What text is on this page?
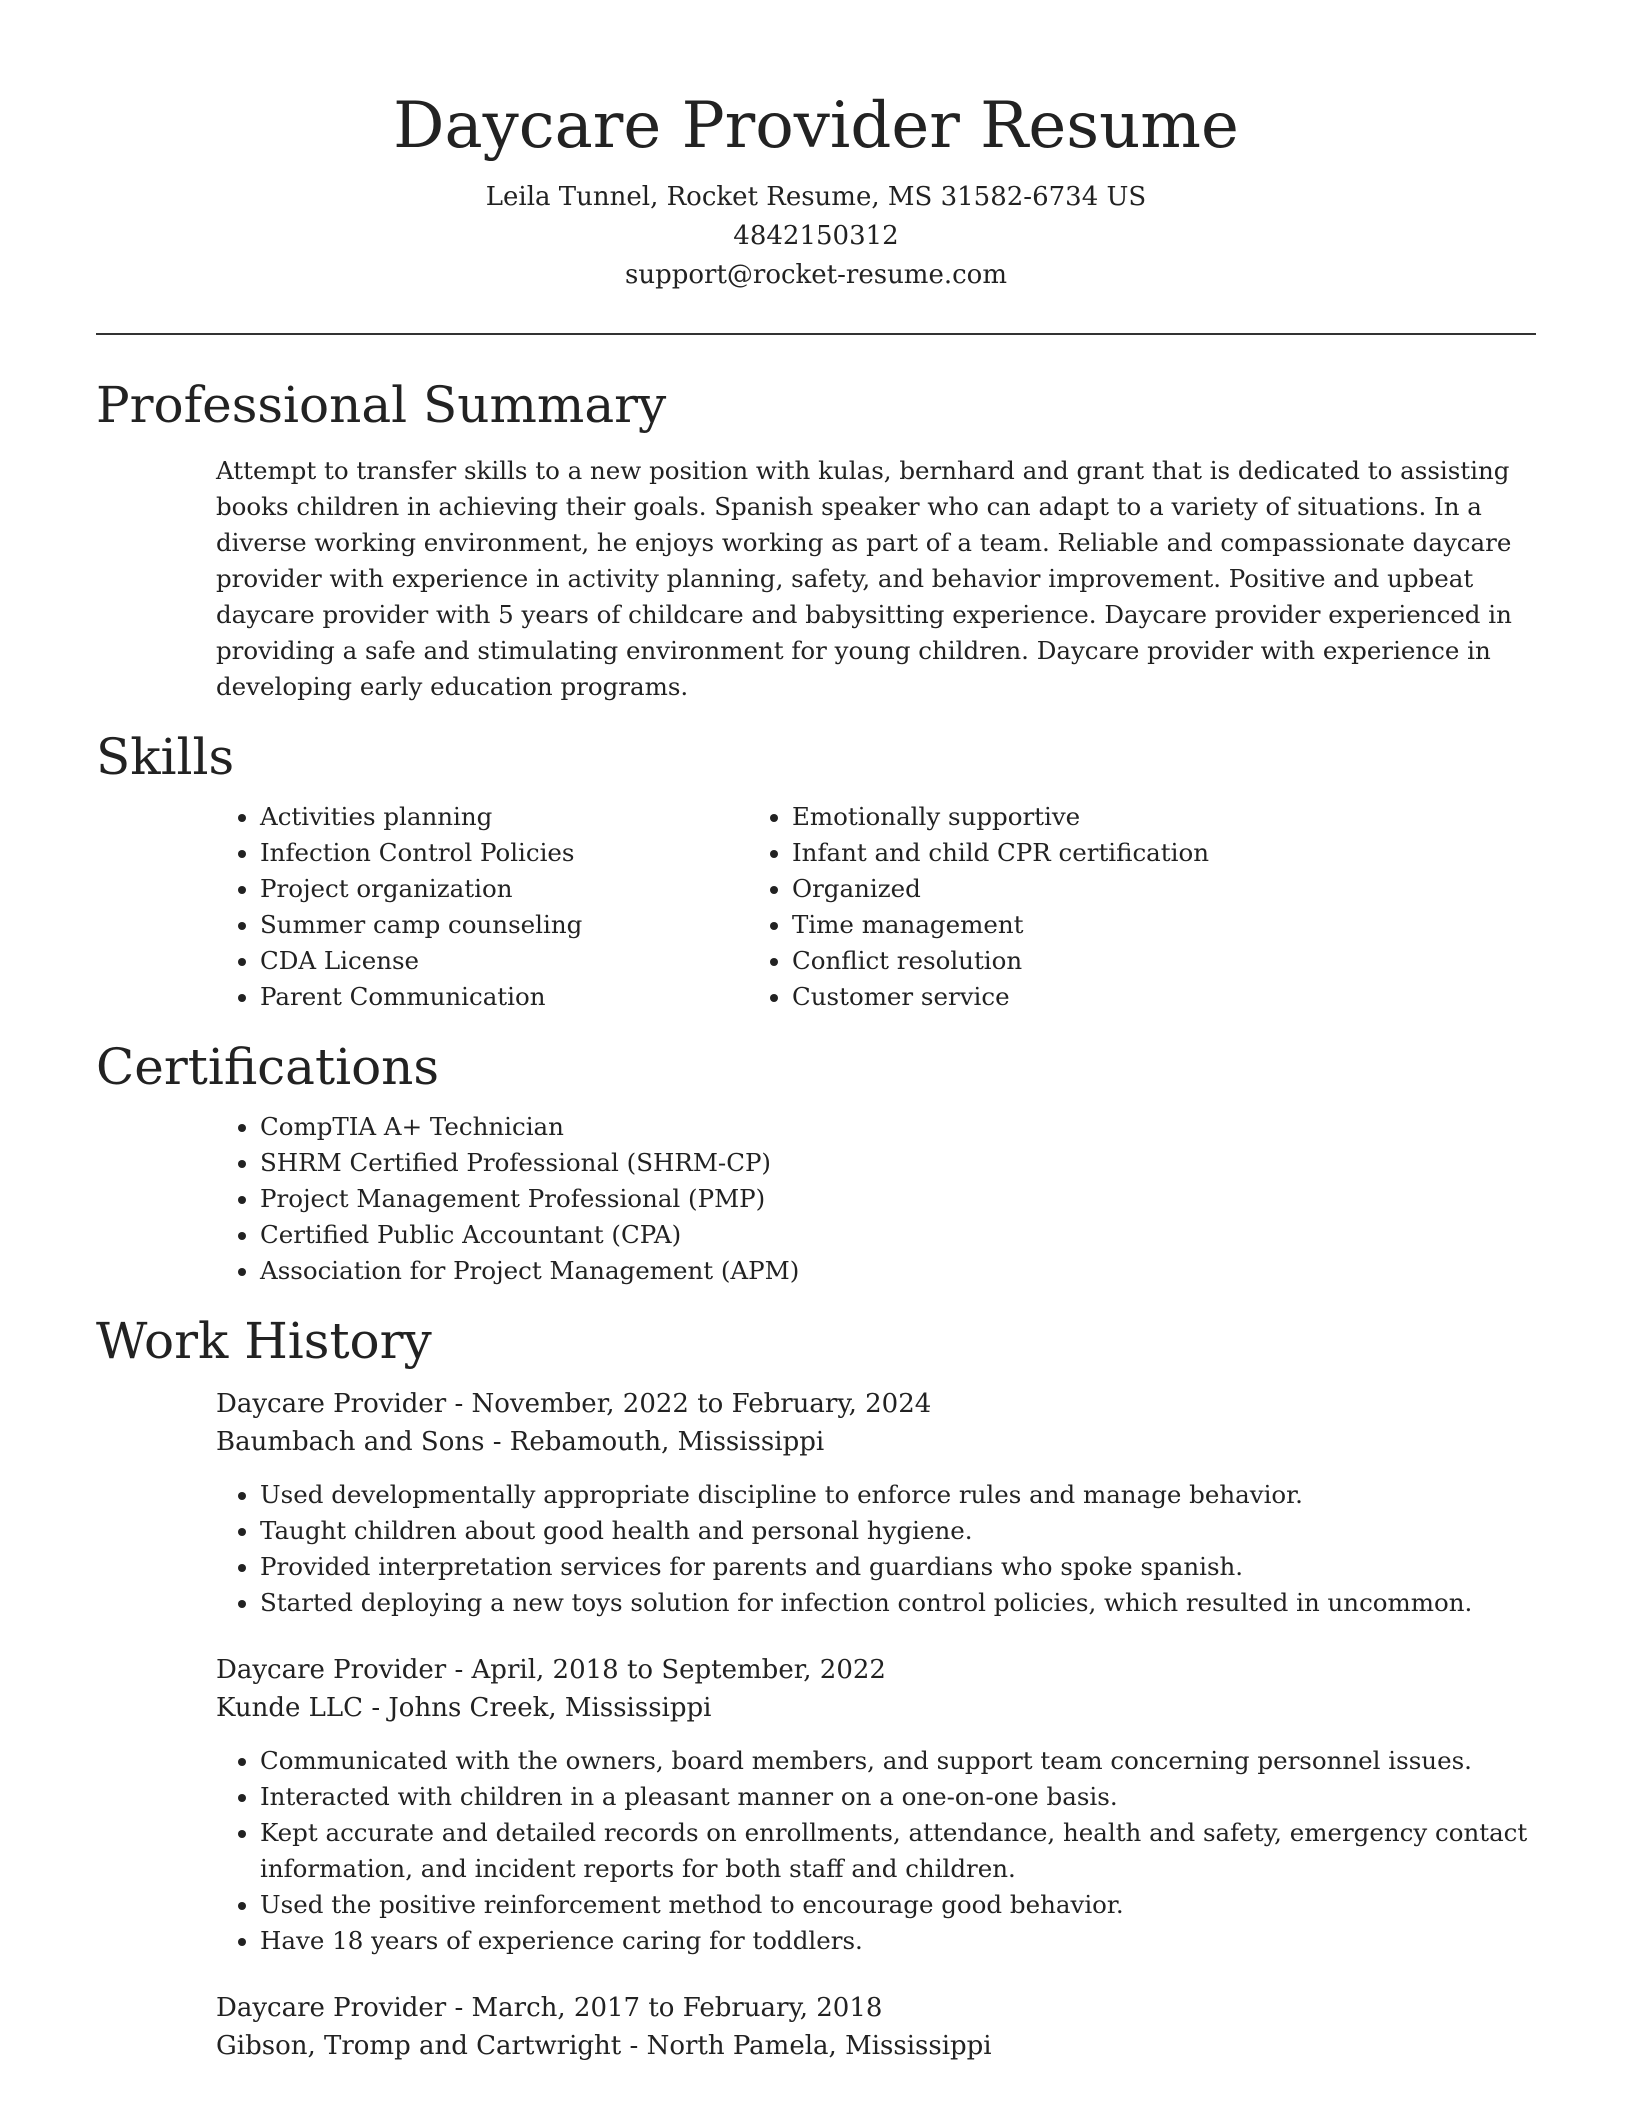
Daycare Provider Resume

Leila Tunnel, Rocket Resume, MS 31582-6734 US

4842150312

support@rocket-resume.com

Professional Summary

Attempt to transfer skills to a new position with kulas, bernhard and grant that is dedicated to assisting books children in achieving their goals. Spanish speaker who can adapt to a variety of situations. In a diverse working environment, he enjoys working as part of a team. Reliable and compassionate daycare provider with experience in activity planning, safety, and behavior improvement. Positive and upbeat daycare provider with 5 years of childcare and babysitting experience. Daycare provider experienced in providing a safe and stimulating environment for young children. Daycare provider with experience in developing early education programs.

Skills
• Activities planning
• Infection Control Policies
• Project organization
• Summer camp counseling
• CDA License
• Parent Communication
• Emotionally supportive
• Infant and child CPR certification
• Organized
• Time management
• Conflict resolution
• Customer service
Certifications
• CompTIA A+ Technician
• SHRM Certified Professional (SHRM-CP)
• Project Management Professional (PMP)
• Certified Public Accountant (CPA)
• Association for Project Management (APM)
Work History

Daycare Provider - November, 2022 to February, 2024

Baumbach and Sons - Rebamouth, Mississippi

• Used developmentally appropriate discipline to enforce rules and manage behavior.
• Taught children about good health and personal hygiene.
• Provided interpretation services for parents and guardians who spoke spanish.
• Started deploying a new toys solution for infection control policies, which resulted in uncommon.

Daycare Provider - April, 2018 to September, 2022

Kunde LLC - Johns Creek, Mississippi

• Communicated with the owners, board members, and support team concerning personnel issues.
• Interacted with children in a pleasant manner on a one-on-one basis.
• Kept accurate and detailed records on enrollments, attendance, health and safety, emergency contact information, and incident reports for both staff and children.
• Used the positive reinforcement method to encourage good behavior.
• Have 18 years of experience caring for toddlers.

Daycare Provider - March, 2017 to February, 2018

Gibson, Tromp and Cartwright - North Pamela, Mississippi
